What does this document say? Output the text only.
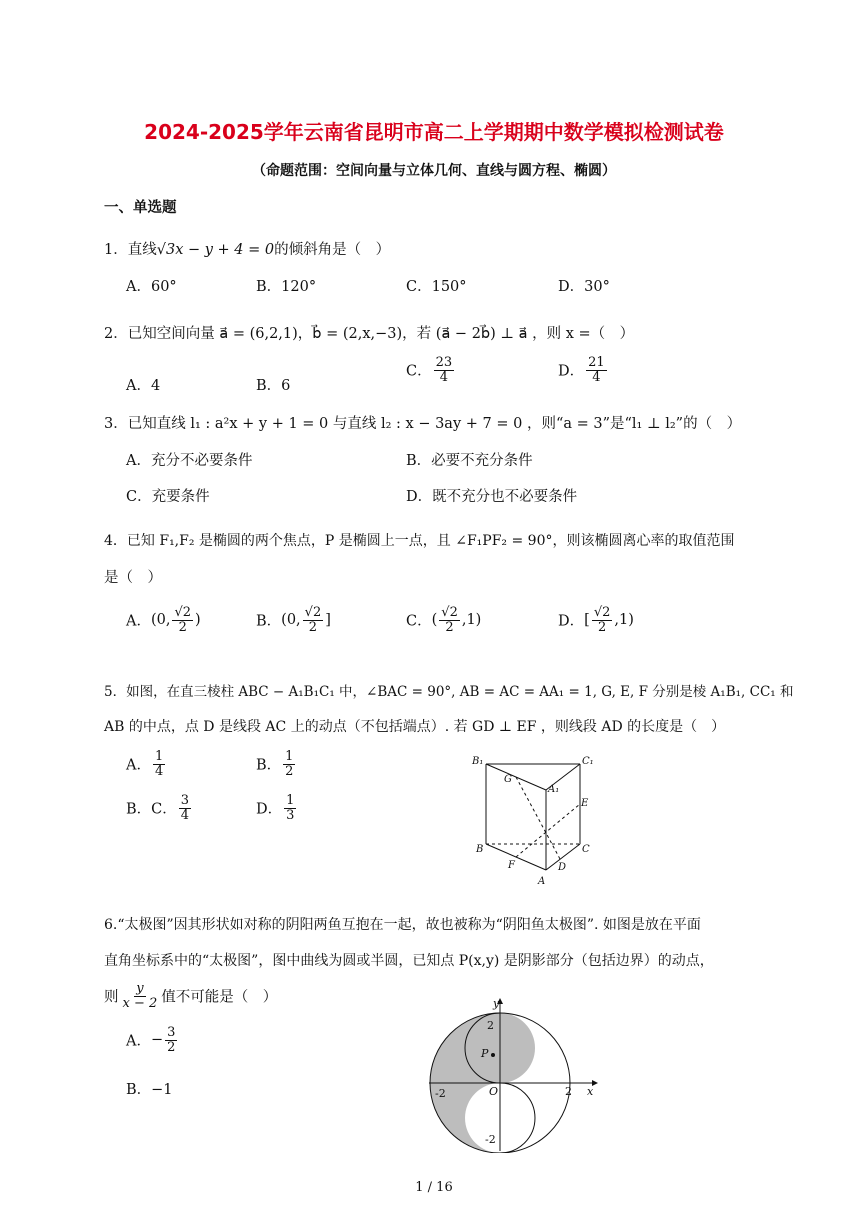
2024-2025学年云南省昆明市高二上学期期中数学模拟检测试卷
（命题范围：空间向量与立体几何、直线与圆方程、椭圆）
一、单选题
1．直线√3x − y + 4 = 0的倾斜角是（　）
A．60°	B．120°	C．150°	D．30°
2．已知空间向量 a⃗ = (6,2,1)，b⃗ = (2,x,−3)，若 (a⃗ − 2b⃗) ⊥ a⃗ ，则 x =（　）
A．4	B．6
C． $\frac{23}{4}$	D． $\frac{21}{4}$
3．已知直线 l₁ : a²x + y + 1 = 0 与直线 l₂ : x − 3ay + 7 = 0 ，则“a = 3”是“l₁ ⊥ l₂”的（　）
A．充分不必要条件	B．必要不充分条件
C．充要条件	D．既不充分也不必要条件
4．已知 F₁,F₂ 是椭圆的两个焦点，P 是椭圆上一点，且 ∠F₁PF₂ = 90°，则该椭圆离心率的取值范围
是（　）
A．(0, $\frac{√2}{2}$ )	B．(0, $\frac{√2}{2}$ ]	C．( $\frac{√2}{2} ,1$)	D．[ $\frac{√2}{2} ,1$)
5．如图，在直三棱柱 ABC − A₁B₁C₁ 中，∠BAC = 90°, AB = AC = AA₁ = 1, G, E, F 分别是棱 A₁B₁, CC₁ 和
AB 的中点，点 D 是线段 AC 上的动点（不包括端点）. 若 GD ⊥ EF ，则线段 AD 的长度是（　）
A． $\frac{1}{4}$	B． $\frac{1}{2}$
B．C． $\frac{3}{4}$	D． $\frac{1}{3}$
B₁	C₁
G
A₁
E
B	C
F	D
A
6.“太极图”因其形状如对称的阴阳两鱼互抱在一起，故也被称为“阴阳鱼太极图”. 如图是放在平面
直角坐标系中的“太极图”，图中曲线为圆或半圆，已知点 P(x,y) 是阴影部分（包括边界）的动点，
则 $\frac{y}{x - 2}$ 值不可能是（　）
A．− $\frac{3}{2}$
B．−1
y
x
2
-2	O	2
-2
P
1 / 16
